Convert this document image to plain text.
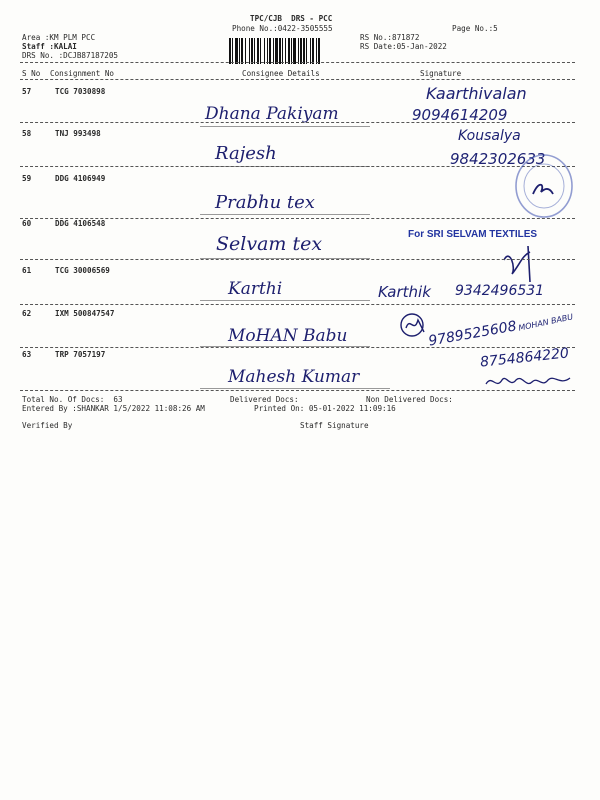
TPC/CJB  DRS - PCC
Phone No.:0422-3505555	Page No.:5
Area :KM PLM PCC
Staff :KALAI
DRS No. :DCJB87187205
RS No.:871872
RS Date:05-Jan-2022
S No Consignment No	Consignee Details	Signature
57	TCG 7030898
Dhana Pakiyam
Kaarthivalan
9094614209
58	TNJ 993498
Rajesh
Kousalya
9842302633
59	DDG 4106949
Prabhu tex
60	DDG 4106548
Selvam tex	For SRI SELVAM TEXTILES
61	TCG 30006569
Karthi	Karthik 9342496531
62	IXM 500847547
MoHAN Babu	9789525608 MOHAN BABU
63	TRP 7057197
Mahesh Kumar
8754864220
Total No. Of Docs:  63	Delivered Docs:	Non Delivered Docs:
Entered By :SHANKAR 1/5/2022 11:08:26 AM	Printed On: 05-01-2022 11:09:16
Verified By	Staff Signature
